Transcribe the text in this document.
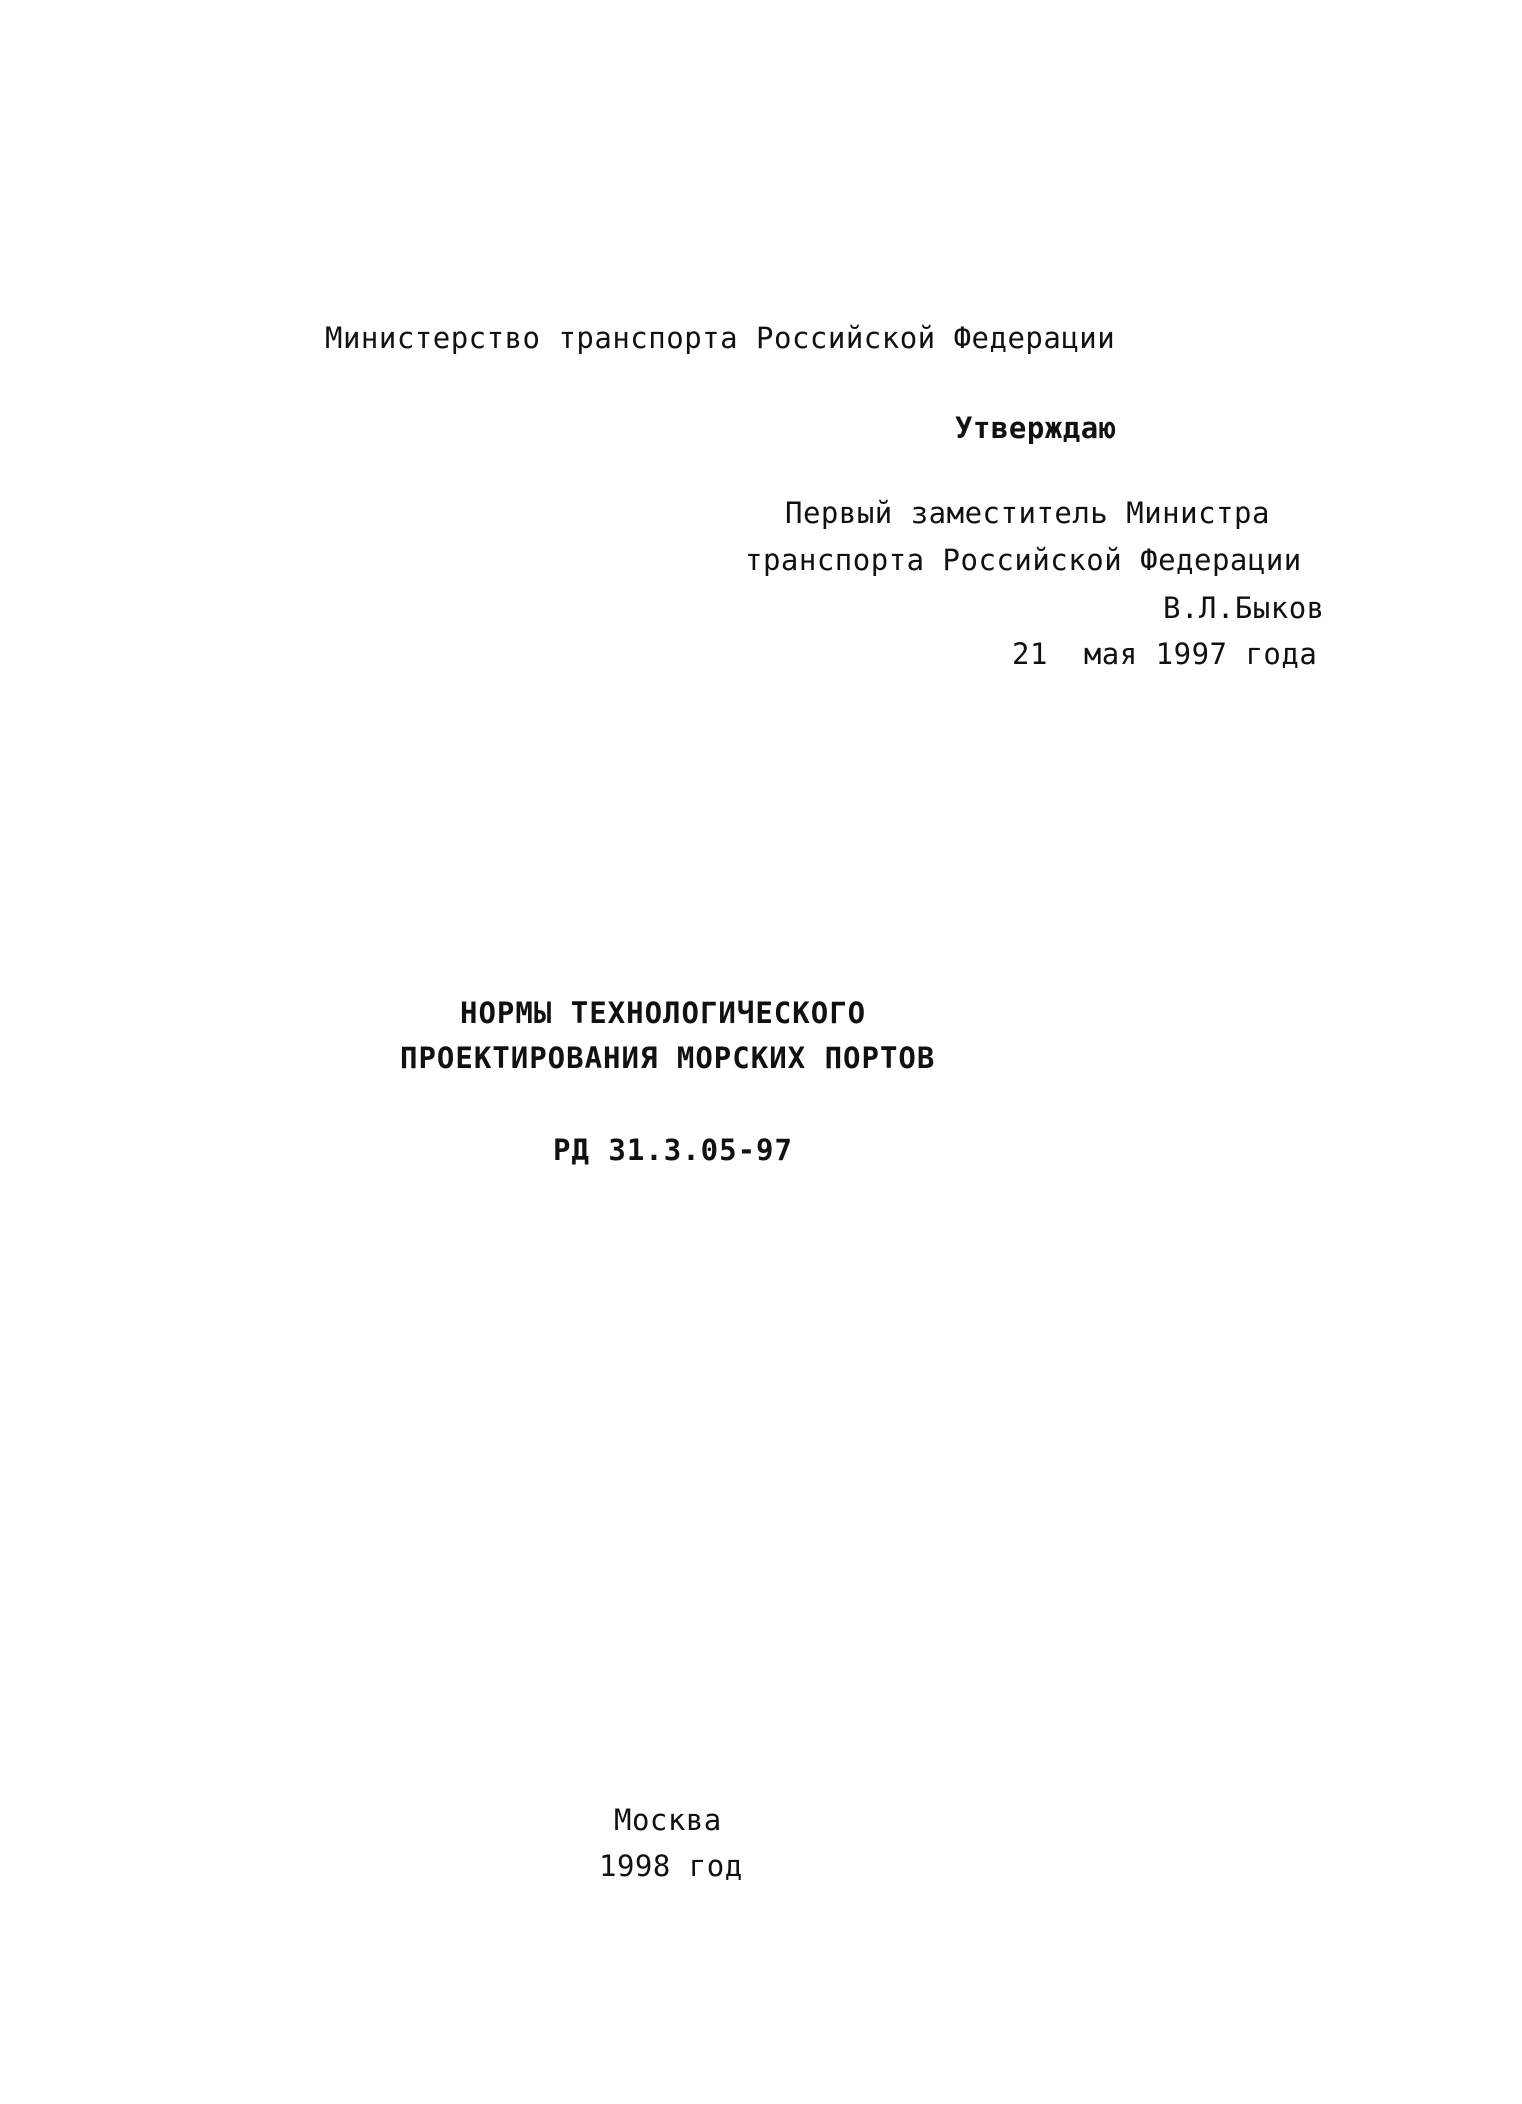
Министерство транспорта Российской Федерации
Утверждаю
Первый заместитель Министра
транспорта Российской Федерации
В.Л.Быков
21  мая 1997 года
НОРМЫ ТЕХНОЛОГИЧЕСКОГО
ПРОЕКТИРОВАНИЯ МОРСКИХ ПОРТОВ
РД 31.3.05-97
Москва
1998 год
